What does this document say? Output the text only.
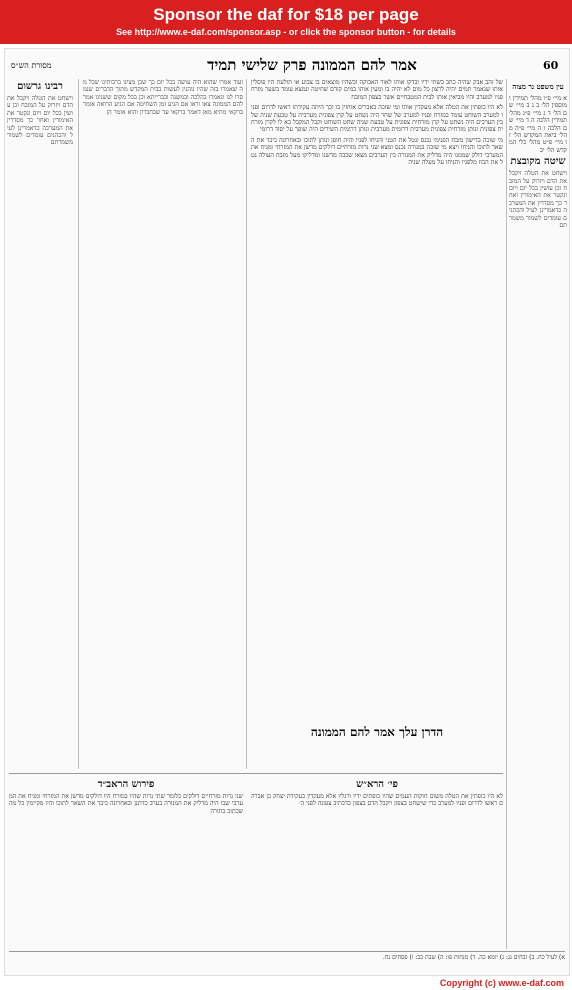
Sponsor the daf for $18 per page
See http://www.e-daf.com/sponsor.asp - or click the sponsor button - for details
מסורת הש״ס	אמר להם הממונה פרק שלישי תמיד	60
עין משפט נר מצוה
א מיי׳ פ״ו מהל׳ תמידין ומוספין הל׳ ב ג ב מיי׳ שם הל׳ ד ג מיי׳ פ״ג מהל׳ תמידין הלכה ה ד מיי׳ שם הלכה ו ה מיי׳ פ״ה מהל׳ ביאת המקדש הל׳ ז ו מיי׳ פ״ט מהל׳ כלי המקדש הל׳ יב
שיטה מקובצת
וישחט את הטלה ויקבל את הדם ויזרוק על המזבח וכן עושין בכל יום ויום ונקטר את האימורין ואחר כך מסדרין את המערכה כדאמרינן לעיל והכהנים עומדים לשמור משמרתם
של זהב אבק שהיה כחב בשתי ידיו ובדקו אותו לאור האבוקה וכשהיו מוצאים בו צבוע או תולעת היו פוסלין אותו שנאמר תמים יהיה לרצון כל מום לא יהיה בו ומעין אותו במים קודם שחיטה ונמצא עומד בשער מזרח פניו למערב והיו מביאין אותו לבית המטבחיים אשר בצפון המזבח
לא היו כופתין את הטלה אלא מעקדין אותו ומי שזכה באברים אוחזין בו וכך היתה עקידתו ראשו לדרום ופניו למערב השוחט עומד במזרח ופניו למערב של שחר היה נשחט על קרן צפונית מערבית על טבעת שניה של בין הערבים היה נשחט על קרן מזרחית צפונית על טבעת שניה שחט השוחט וקבל המקבל בא לו לקרן מזרחית צפונית ונותן מזרחית צפונית מערבית דרומית מערבית ונותן דרומית השירים היה שופך על יסוד דרומי
מי שזכה בדישון מזבח הפנימי נכנס ונטל את הטני והניחו לפניו והיה חופן ונותן לתוכו ובאחרונה כיבד את השאר לתוכו והניחו ויצא מי שזכה במנורה נכנס ומצא שני נרות מזרחיים דולקים מדשן את המזרחי ומניח את המערבי דולק שממנו היה מדליק את המנורה בין הערבים מצאו שכבה מדשנו ומדליקו מעל מזבח העולה נטל את הכוז מלפניו והניחו על מעלה שניה
ועוד אמרו שהוא היה עושה בכל יום כך שכן מצינו ברבותינו שכל מה שאמרו בזה שהיו נוהגין לעשות בבית המקדש מתוך הדברים שנמסרו לנו ונאמרו בהלכה ובמשנה ובברייתא וכן בכל מקום ששנינו אמר להם הממונה צאו וראו אם הגיע זמן השחיטה אם הגיע הרואה אומר ברקאי מתיא מאן דאמר ברקאי עד שבחברון והוא אומר הן
רבינו גרשום
וישחט את הטלה ויקבל את הדם ויזרוק על המזבח וכן עושין בכל יום ויום ונקטר את האימורין ואחר כך מסדרין את המערכה כדאמרינן לעיל והכהנים עומדים לשמור משמרתם
הדרן עלך אמר להם הממונה
פי׳ הרא״ש
לא היו כופתין את הטלה משום חוקות העמים שהיו כופתים ידיו ורגליו אלא מעקדין כעקידת יצחק בן אברהם ראשו לדרום ופניו למערב כדי שישחט בצפון ויקבל הדם בצפון כדכתיב צפונה לפני ה׳
פירוש הראב״ד
שני נרות מזרחיים דולקים כלומר שתי נרות שהיו במזרח היו דולקים מדשן את המזרחי ומניח את המערבי שבו היה מדליק את המנורה בערב כדתנן ובאחרונה כיבד את השאר לתוכו והיו מקיימין כל מה שכתוב בתורה
א) לעיל כח. ב) זבחים נג: ג) יומא כה. ד) מנחות פו: ה) שבת כב: ו) פסחים נח.
Copyright (c) www.e-daf.com
